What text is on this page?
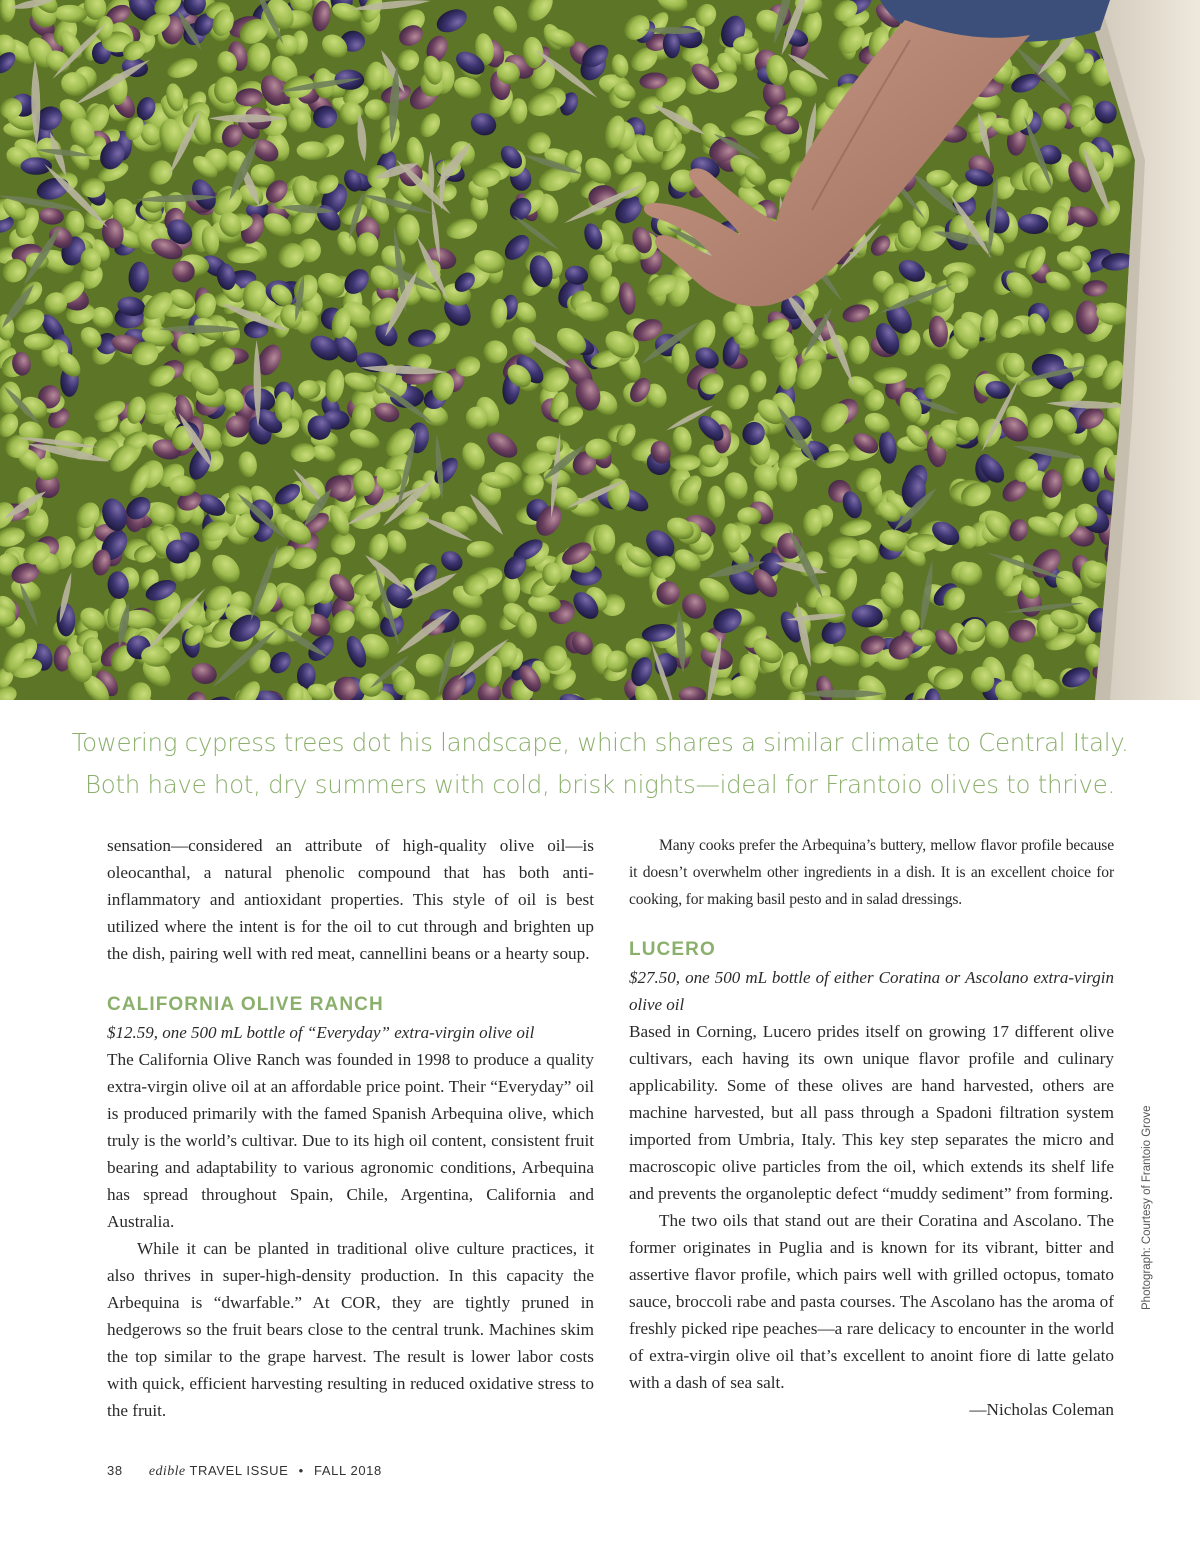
Towering cypress trees dot his landscape, which shares a similar climate to Central Italy.
Both have hot, dry summers with cold, brisk nights—ideal for Frantoio olives to thrive.

sensation—considered an attribute of high-quality olive oil—is oleocanthal, a natural phenolic compound that has both anti-inflammatory and antioxidant properties. This style of oil is best utilized where the intent is for the oil to cut through and brighten up the dish, pairing well with red meat, cannellini beans or a hearty soup.

CALIFORNIA OLIVE RANCH

$12.59, one 500 mL bottle of “Everyday” extra-virgin olive oil

The California Olive Ranch was founded in 1998 to produce a quality extra-virgin olive oil at an affordable price point. Their “Everyday” oil is produced primarily with the famed Spanish Arbequina olive, which truly is the world’s cultivar. Due to its high oil content, consistent fruit bearing and adaptability to various agronomic conditions, Arbequina has spread throughout Spain, Chile, Argentina, California and Australia.

While it can be planted in traditional olive culture practices, it also thrives in super-high-density production. In this capacity the Arbequina is “dwarfable.” At COR, they are tightly pruned in hedgerows so the fruit bears close to the central trunk. Machines skim the top similar to the grape harvest. The result is lower labor costs with quick, efficient harvesting resulting in reduced oxidative stress to the fruit.

Many cooks prefer the Arbequina’s buttery, mellow flavor profile because it doesn’t overwhelm other ingredients in a dish. It is an excellent choice for cooking, for making basil pesto and in salad dressings.

LUCERO

$27.50, one 500 mL bottle of either Coratina or Ascolano extra-virgin olive oil

Based in Corning, Lucero prides itself on growing 17 different olive cultivars, each having its own unique flavor profile and culinary applicability. Some of these olives are hand harvested, others are machine harvested, but all pass through a Spadoni filtration system imported from Umbria, Italy. This key step separates the micro and macroscopic olive particles from the oil, which extends its shelf life and prevents the organoleptic defect “muddy sediment” from forming.

The two oils that stand out are their Coratina and Ascolano. The former originates in Puglia and is known for its vibrant, bitter and assertive flavor profile, which pairs well with grilled octopus, tomato sauce, broccoli rabe and pasta courses. The Ascolano has the aroma of freshly picked ripe peaches—a rare delicacy to encounter in the world of extra-virgin olive oil that’s excellent to anoint fiore di latte gelato with a dash of sea salt.

—Nicholas Coleman

Photograph: Courtesy of Frantoio Grove
38 edible TRAVEL ISSUE • FALL 2018
